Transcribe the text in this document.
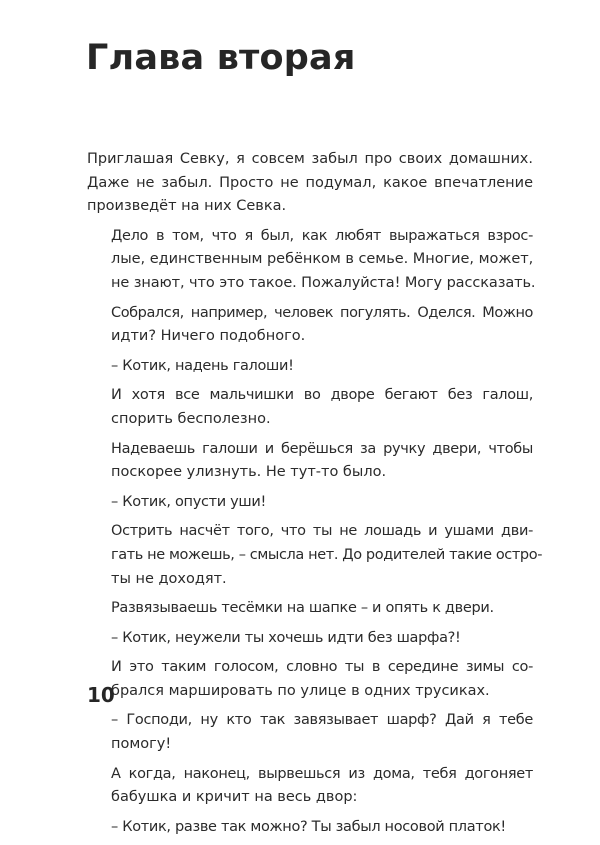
Глава вторая

Приглашая Севку, я совсем забыл про своих домашних.
Даже не забыл. Просто не подумал, какое впечатление
произведёт на них Севка.

Дело в том, что я был, как любят выражаться взрос-
лые, единственным ребёнком в семье. Многие, может,
не знают, что это такое. Пожалуйста! Могу рассказать.

Собрался, например, человек погулять. Оделся. Можно
идти? Ничего подобного.

– Котик, надень галоши!

И хотя все мальчишки во дворе бегают без галош,
спорить бесполезно.

Надеваешь галоши и берёшься за ручку двери, чтобы
поскорее улизнуть. Не тут-то было.

– Котик, опусти уши!

Острить насчёт того, что ты не лошадь и ушами дви-
гать не можешь, – смысла нет. До родителей такие остро-
ты не доходят.

Развязываешь тесёмки на шапке – и опять к двери.

– Котик, неужели ты хочешь идти без шарфа?!

И это таким голосом, словно ты в середине зимы со-
брался маршировать по улице в одних трусиках.

– Господи, ну кто так завязывает шарф? Дай я тебе
помогу!

А когда, наконец, вырвешься из дома, тебя догоняет
бабушка и кричит на весь двор:

– Котик, разве так можно? Ты забыл носовой платок!

10
